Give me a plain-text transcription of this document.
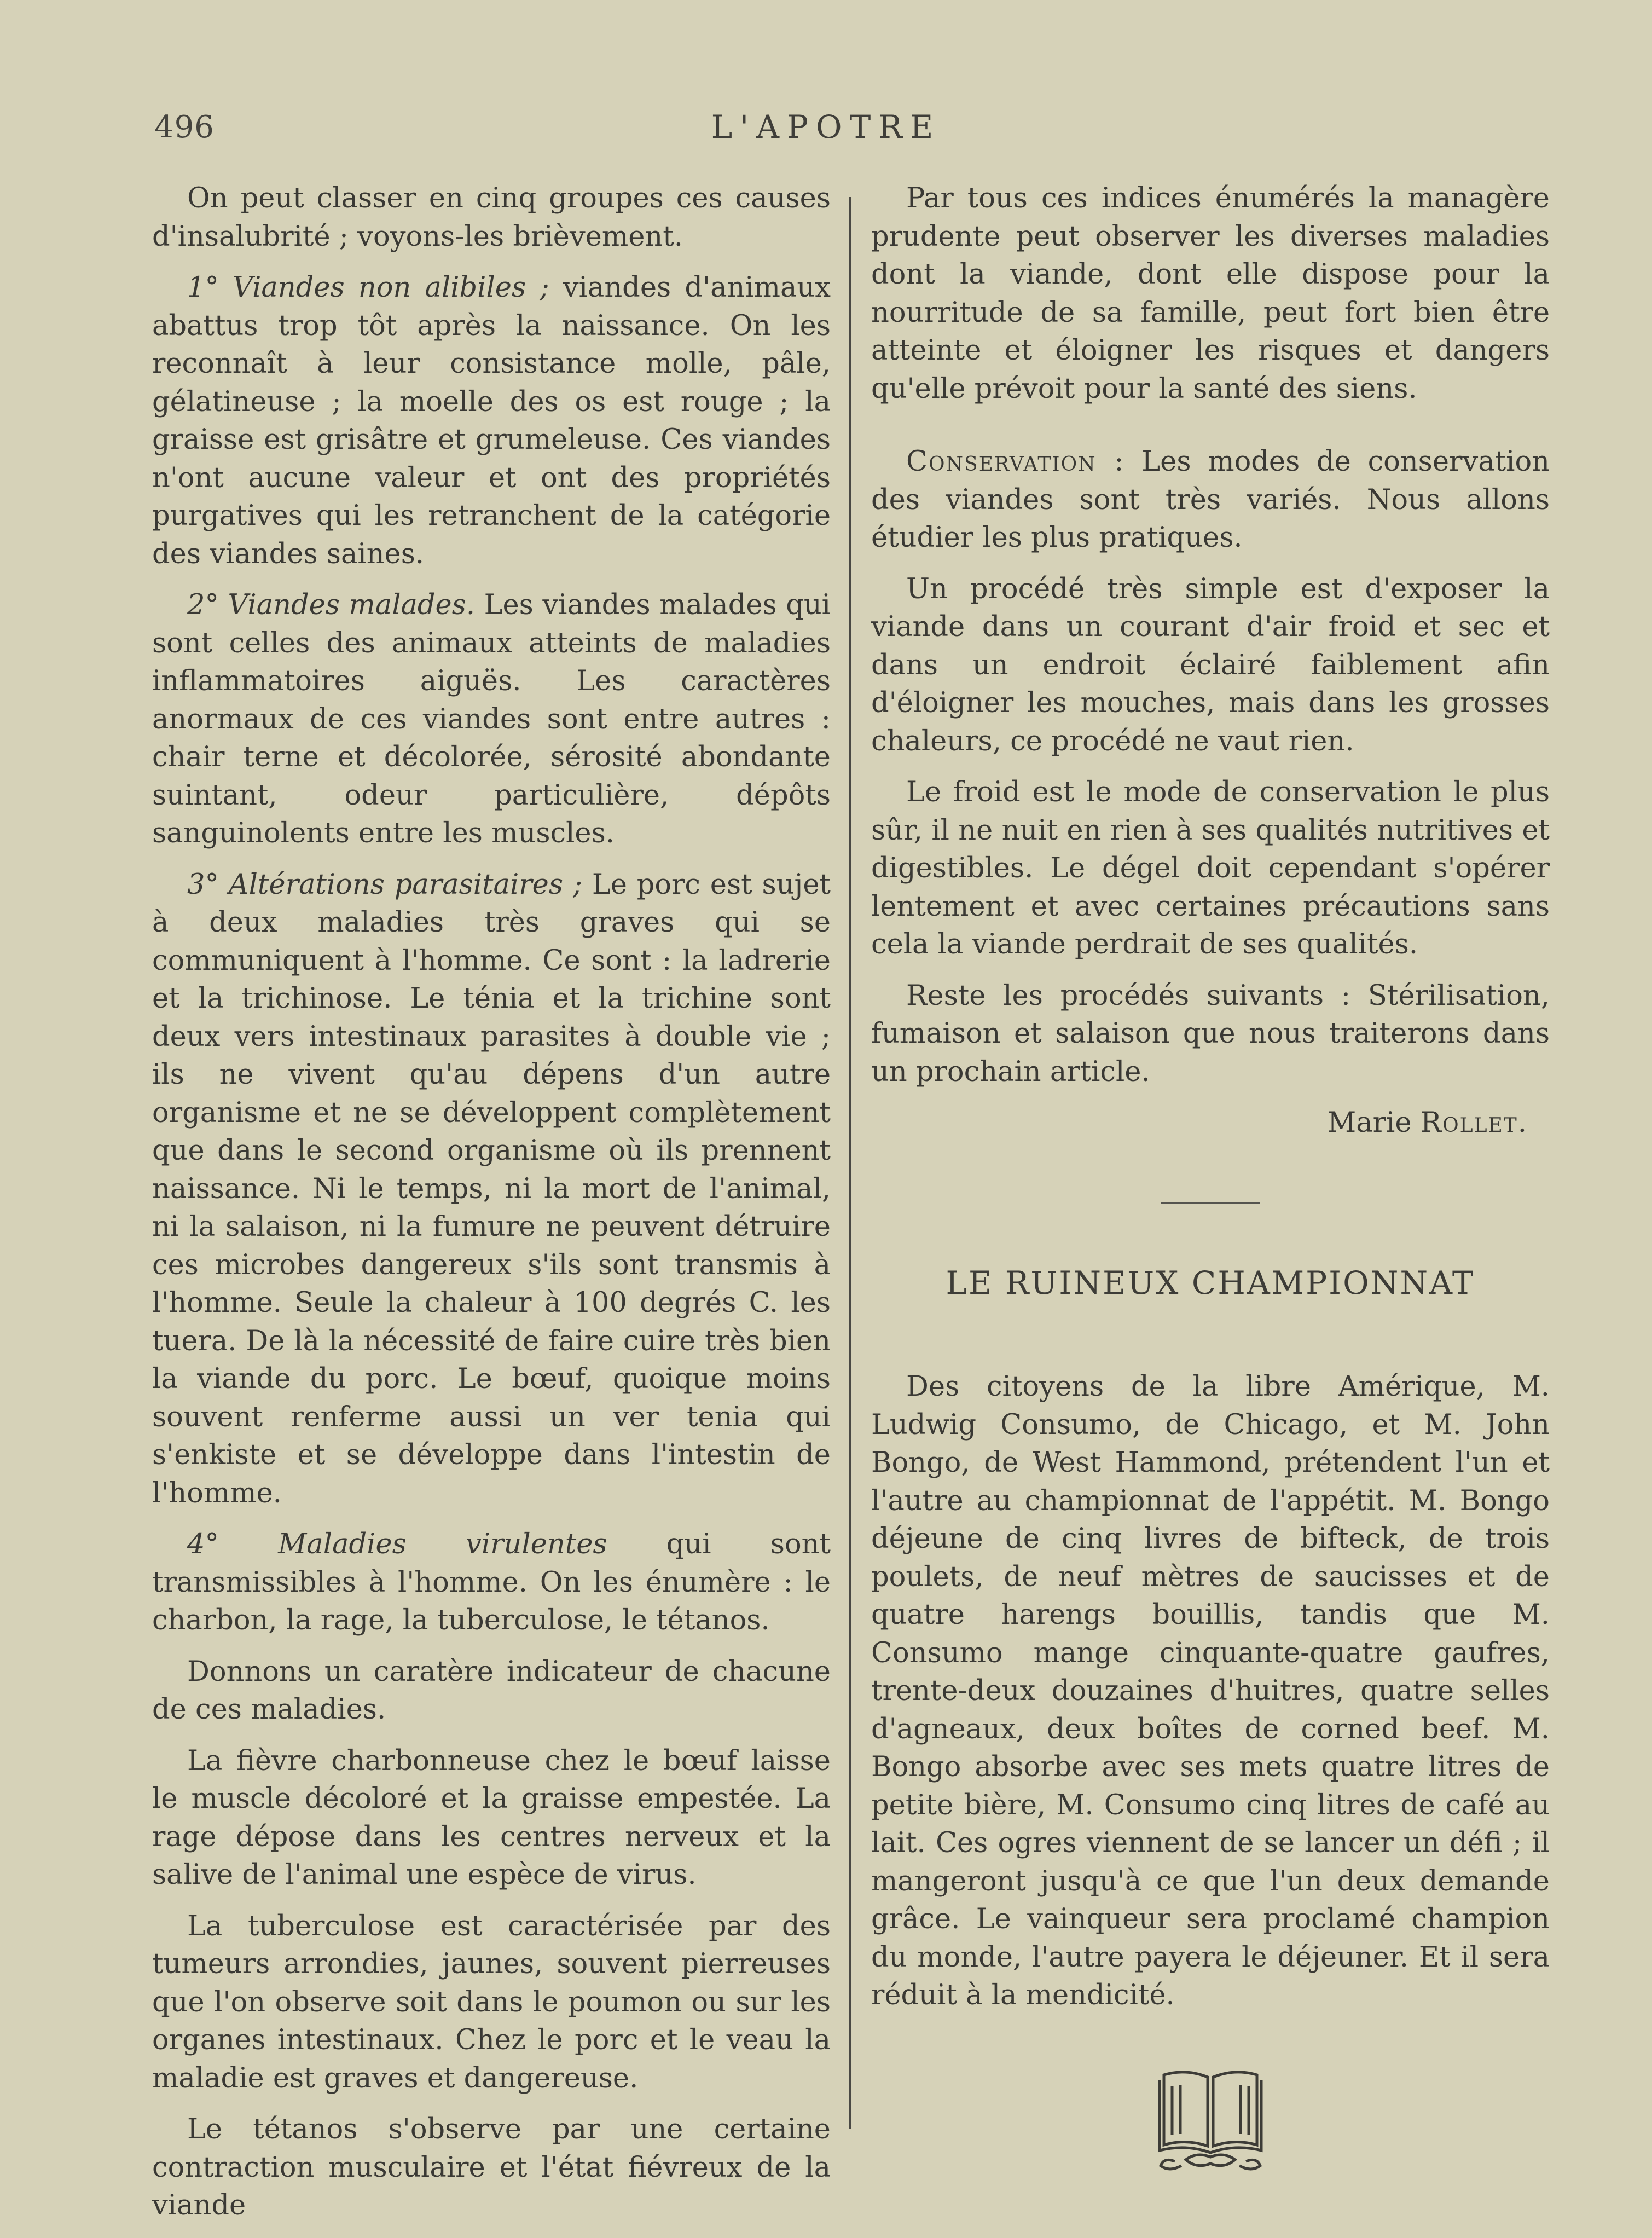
496	L'APOTRE

On peut classer en cinq groupes ces causes d'insalubrité ; voyons-les brièvement.

1° Viandes non alibiles ; viandes d'animaux abattus trop tôt après la naissance. On les reconnaît à leur consistance molle, pâle, gélatineuse ; la moelle des os est rouge ; la graisse est grisâtre et grumeleuse. Ces viandes n'ont aucune valeur et ont des propriétés purgatives qui les retranchent de la catégorie des viandes saines.

2° Viandes malades. Les viandes malades qui sont celles des animaux atteints de maladies inflammatoires aiguës. Les caractères anormaux de ces viandes sont entre autres : chair terne et décolorée, sérosité abondante suintant, odeur particulière, dépôts sanguinolents entre les muscles.

3° Altérations parasitaires ; Le porc est sujet à deux maladies très graves qui se communiquent à l'homme. Ce sont : la ladrerie et la trichinose. Le ténia et la trichine sont deux vers intestinaux parasites à double vie ; ils ne vivent qu'au dépens d'un autre organisme et ne se développent complètement que dans le second organisme où ils prennent naissance. Ni le temps, ni la mort de l'animal, ni la salaison, ni la fumure ne peuvent détruire ces microbes dangereux s'ils sont transmis à l'homme. Seule la chaleur à 100 degrés C. les tuera. De là la nécessité de faire cuire très bien la viande du porc. Le bœuf, quoique moins souvent renferme aussi un ver tenia qui s'enkiste et se développe dans l'intestin de l'homme.

4° Maladies virulentes qui sont transmissibles à l'homme. On les énumère : le charbon, la rage, la tuberculose, le tétanos.

Donnons un caratère indicateur de chacune de ces maladies.

La fièvre charbonneuse chez le bœuf laisse le muscle décoloré et la graisse empestée. La rage dépose dans les centres nerveux et la salive de l'animal une espèce de virus.

La tuberculose est caractérisée par des tumeurs arrondies, jaunes, souvent pierreuses que l'on observe soit dans le poumon ou sur les organes intestinaux. Chez le porc et le veau la maladie est graves et dangereuse.

Le tétanos s'observe par une certaine contraction musculaire et l'état fiévreux de la viande

Par tous ces indices énumérés la managère prudente peut observer les diverses maladies dont la viande, dont elle dispose pour la nourritude de sa famille, peut fort bien être atteinte et éloigner les risques et dangers qu'elle prévoit pour la santé des siens.

Conservation : Les modes de conservation des viandes sont très variés. Nous allons étudier les plus pratiques.

Un procédé très simple est d'exposer la viande dans un courant d'air froid et sec et dans un endroit éclairé faiblement afin d'éloigner les mouches, mais dans les grosses chaleurs, ce procédé ne vaut rien.

Le froid est le mode de conservation le plus sûr, il ne nuit en rien à ses qualités nutritives et digestibles. Le dégel doit cependant s'opérer lentement et avec certaines précautions sans cela la viande perdrait de ses qualités.

Reste les procédés suivants : Stérilisation, fumaison et salaison que nous traiterons dans un prochain article.

Marie Rollet.

LE RUINEUX CHAMPIONNAT

Des citoyens de la libre Amérique, M. Ludwig Consumo, de Chicago, et M. John Bongo, de West Hammond, prétendent l'un et l'autre au championnat de l'appétit. M. Bongo déjeune de cinq livres de bifteck, de trois poulets, de neuf mètres de saucisses et de quatre harengs bouillis, tandis que M. Consumo mange cinquante-quatre gaufres, trente-deux douzaines d'huitres, quatre selles d'agneaux, deux boîtes de corned beef. M. Bongo absorbe avec ses mets quatre litres de petite bière, M. Consumo cinq litres de café au lait. Ces ogres viennent de se lancer un défi ; il mangeront jusqu'à ce que l'un deux demande grâce. Le vainqueur sera proclamé champion du monde, l'autre payera le déjeuner. Et il sera réduit à la mendicité.
